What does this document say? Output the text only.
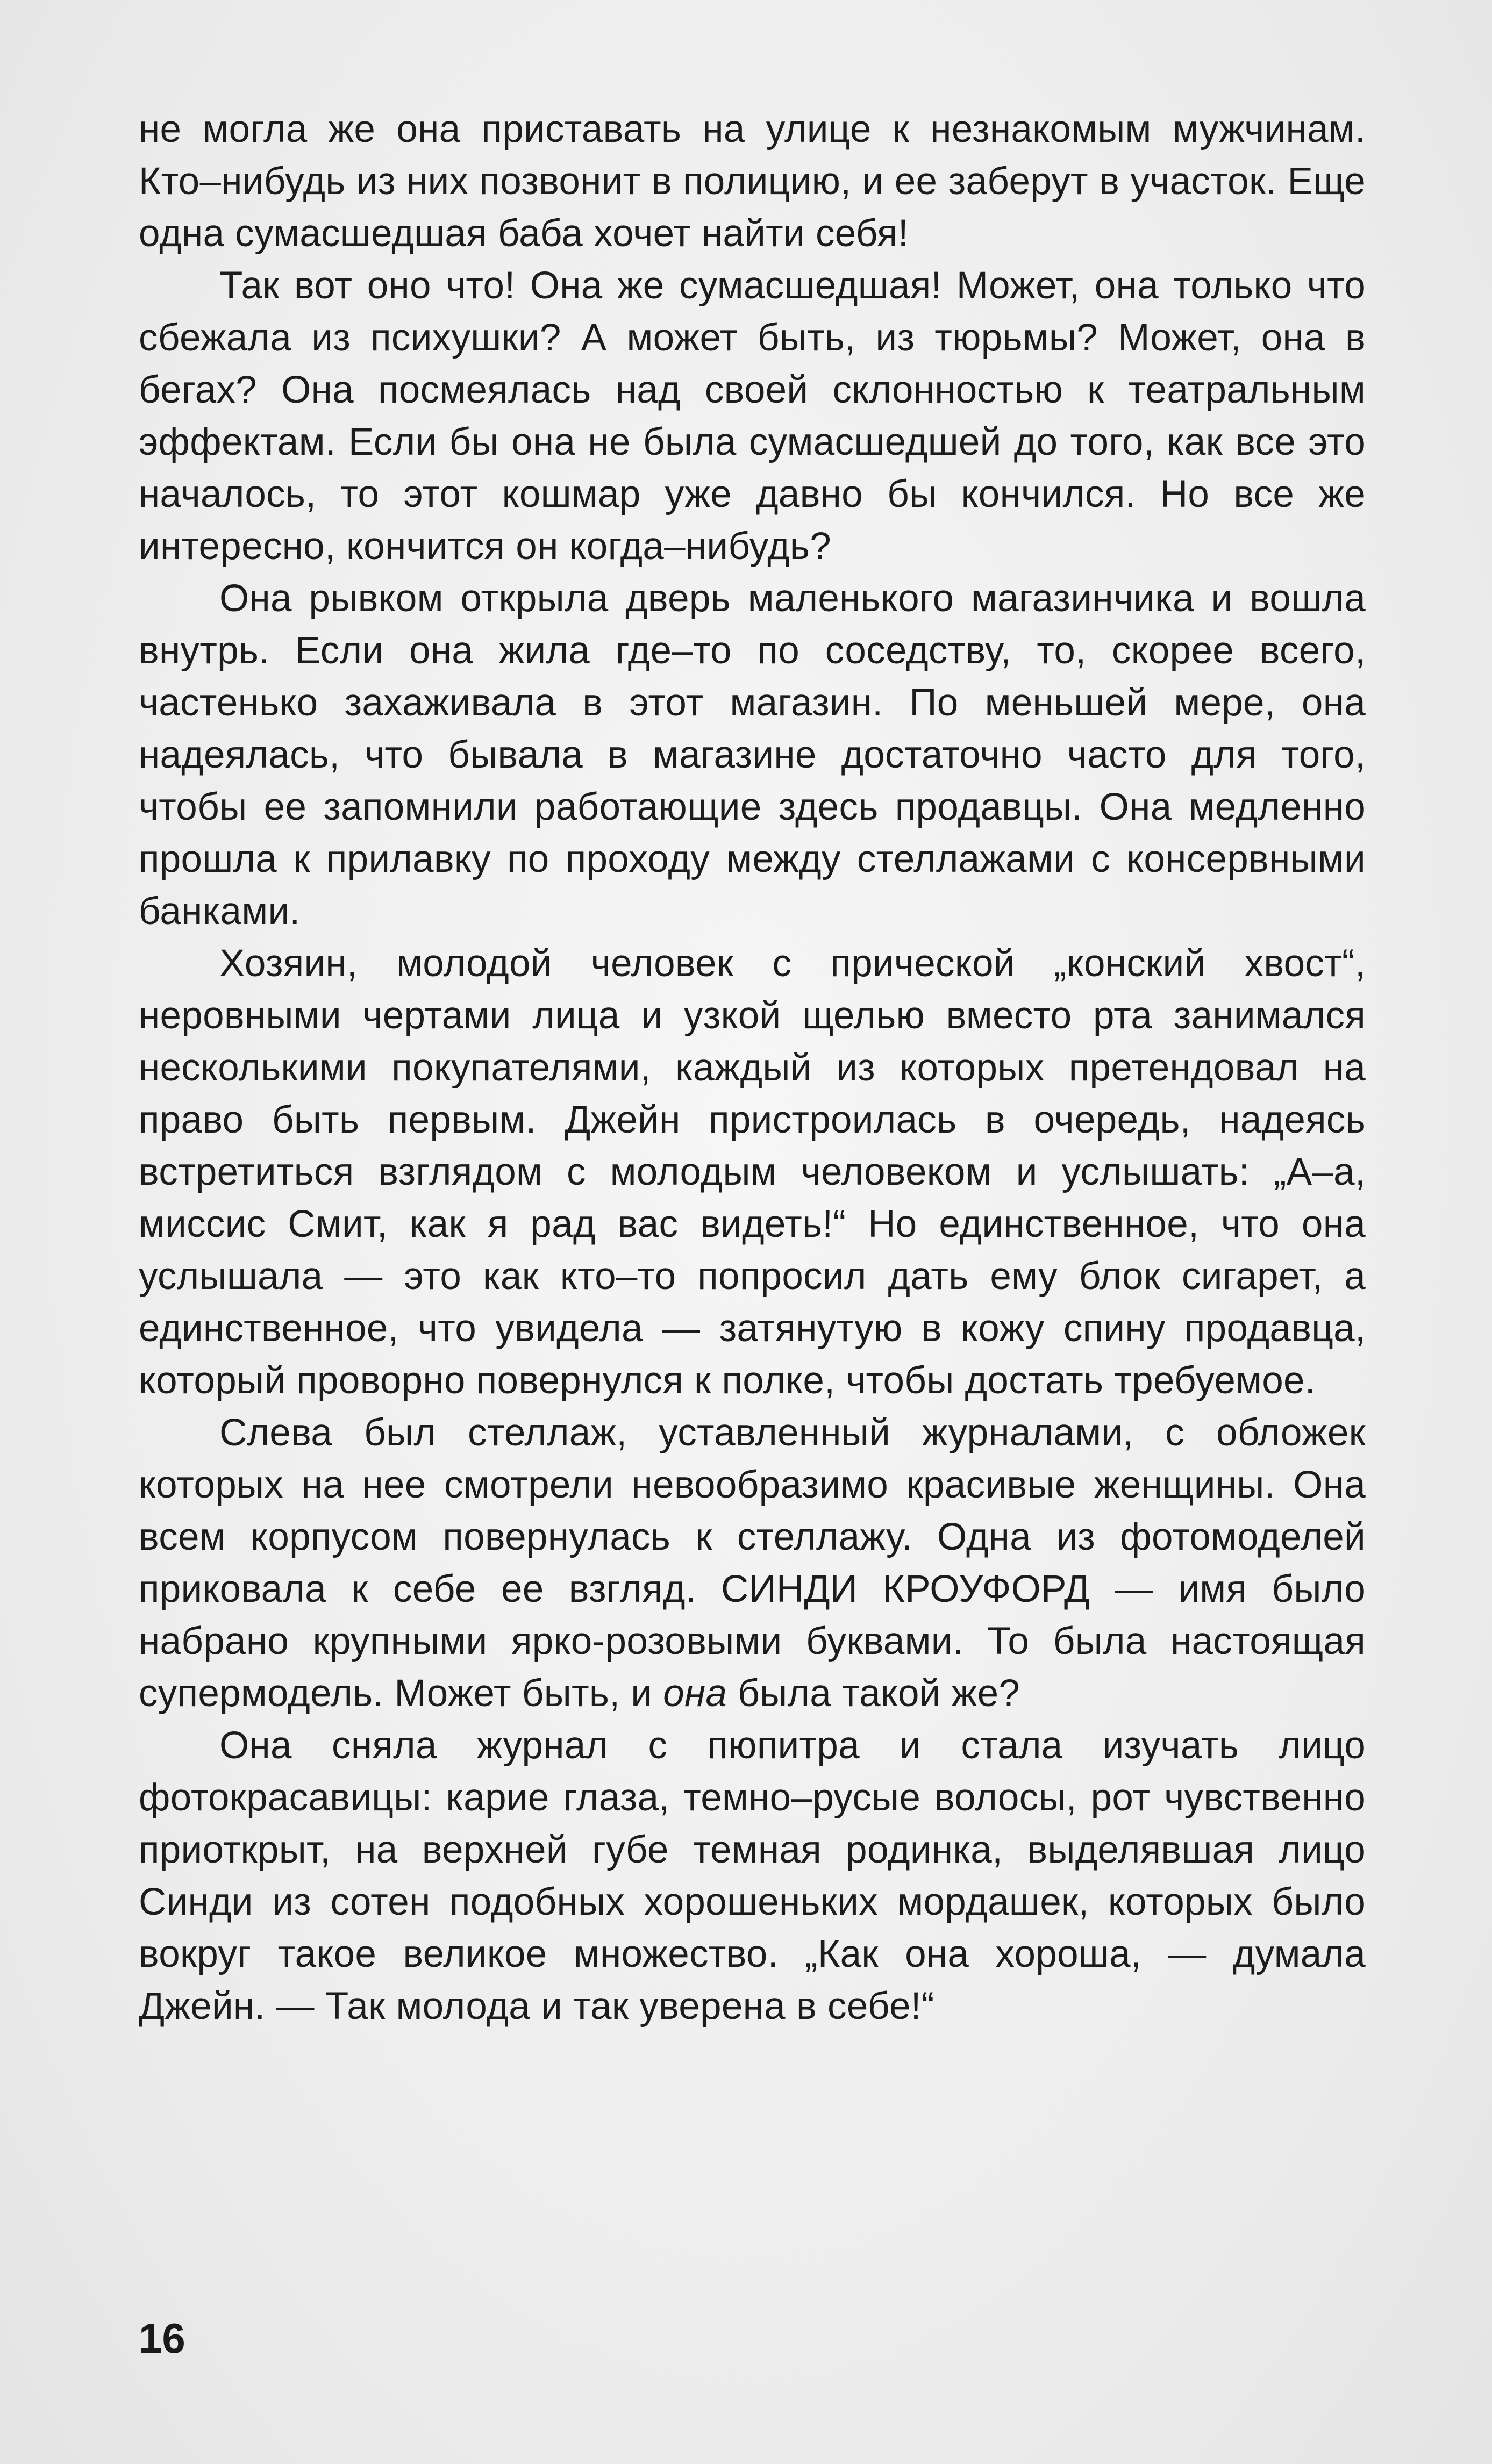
не могла же она приставать на улице к незнакомым мужчинам. Кто–нибудь из них позвонит в полицию, и ее заберут в участок. Еще одна сумасшедшая баба хочет найти себя!

Так вот оно что! Она же сумасшедшая! Может, она только что сбежала из психушки? А может быть, из тюрьмы? Может, она в бегах? Она посмеялась над своей склонностью к театральным эффектам. Если бы она не была сумасшедшей до того, как все это началось, то этот кошмар уже давно бы кончился. Но все же интересно, кончится он когда–нибудь?

Она рывком открыла дверь маленького магазинчика и вошла внутрь. Если она жила где–то по соседству, то, скорее всего, частенько захаживала в этот магазин. По меньшей мере, она надеялась, что бывала в магазине достаточно часто для того, чтобы ее запомнили работающие здесь продавцы. Она медленно прошла к прилавку по проходу между стеллажами с консервными банками.

Хозяин, молодой человек с прической „конский хвост“, неровными чертами лица и узкой щелью вместо рта занимался несколькими покупателями, каждый из которых претендовал на право быть первым. Джейн пристроилась в очередь, надеясь встретиться взглядом с молодым человеком и услышать: „А–а, миссис Смит, как я рад вас видеть!“ Но единственное, что она услышала — это как кто–то попросил дать ему блок сигарет, а единственное, что увидела — затянутую в кожу спину продавца, который проворно повернулся к полке, чтобы достать требуемое.

Слева был стеллаж, уставленный журналами, с обложек которых на нее смотрели невообразимо красивые женщины. Она всем корпусом повернулась к стеллажу. Одна из фотомоделей приковала к себе ее взгляд. СИНДИ КРОУФОРД — имя было набрано крупными ярко-розовыми буквами. То была настоящая супермодель. Может быть, и она была такой же?

Она сняла журнал с пюпитра и стала изучать лицо фотокрасавицы: карие глаза, темно–русые волосы, рот чувственно приоткрыт, на верхней губе темная родинка, выделявшая лицо Синди из сотен подобных хорошеньких мордашек, которых было вокруг такое великое множество. „Как она хороша, — думала Джейн. — Так молода и так уверена в себе!“

16
